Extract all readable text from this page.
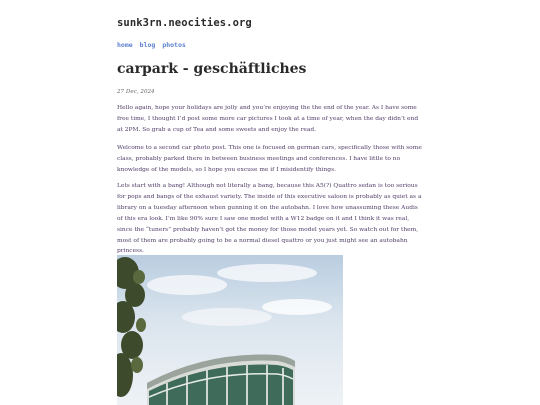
sunk3rn.neocities.org
home blog photos
carpark - geschäftliches
27 Dec, 2024

Hello again, hope your holidays are jolly and you’re enjoying the the end of the year. As I have some free time, I thought I’d post some more car pictures I took at a time of year, when the day didn’t end at 2PM. So grab a cup of Tea and some sweets and enjoy the read.

Welcome to a second car photo post. This one is focused on german cars, specifically those with some class, probably parked there in between business meetings and conferences. I have little to no knowledge of the models, so I hope you excuse me if I misidentify things.

Lets start with a bang! Although not literally a bang, because this A5(?) Quattro sedan is too serious for pops and bangs of the exhaust variety. The inside of this executive saloon is probably as quiet as a library on a tuesday afternoon when gunning it on the autobahn. I love how unassuming these Audis of this era look. I’m like 90% sure I saw one model with a W12 badge on it and I think it was real, since the “tuners” probably haven’t got the money for those model years yet. So watch out for them, most of them are probably going to be a normal diesel quattro or you just might see an autobahn princess.
